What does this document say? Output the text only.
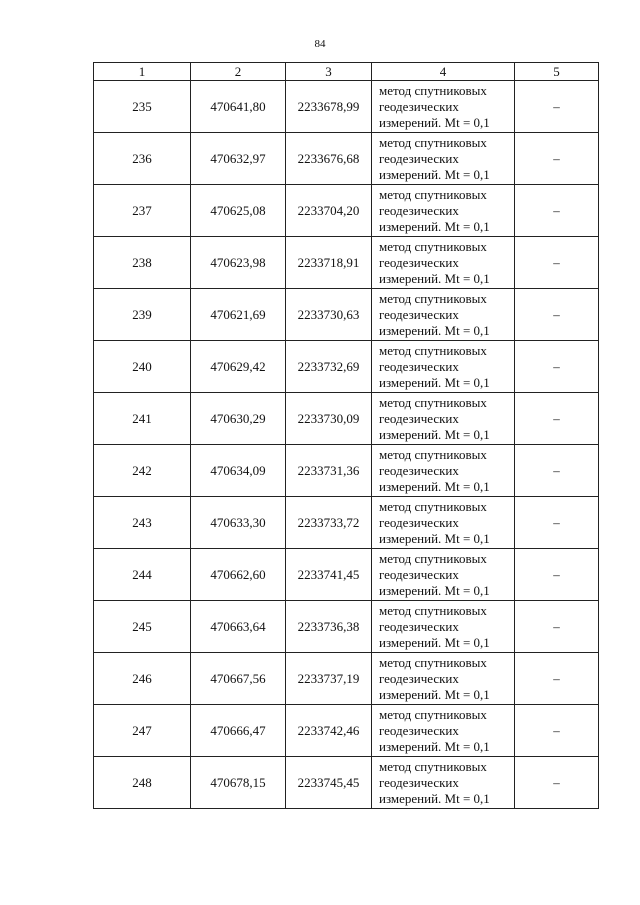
84
1	2	3	4	5
235	470641,80	2233678,99	метод спутниковых
геодезических
измерений. Mt = 0,1	–
236	470632,97	2233676,68	метод спутниковых
геодезических
измерений. Mt = 0,1	–
237	470625,08	2233704,20	метод спутниковых
геодезических
измерений. Mt = 0,1	–
238	470623,98	2233718,91	метод спутниковых
геодезических
измерений. Mt = 0,1	–
239	470621,69	2233730,63	метод спутниковых
геодезических
измерений. Mt = 0,1	–
240	470629,42	2233732,69	метод спутниковых
геодезических
измерений. Mt = 0,1	–
241	470630,29	2233730,09	метод спутниковых
геодезических
измерений. Mt = 0,1	–
242	470634,09	2233731,36	метод спутниковых
геодезических
измерений. Mt = 0,1	–
243	470633,30	2233733,72	метод спутниковых
геодезических
измерений. Mt = 0,1	–
244	470662,60	2233741,45	метод спутниковых
геодезических
измерений. Mt = 0,1	–
245	470663,64	2233736,38	метод спутниковых
геодезических
измерений. Mt = 0,1	–
246	470667,56	2233737,19	метод спутниковых
геодезических
измерений. Mt = 0,1	–
247	470666,47	2233742,46	метод спутниковых
геодезических
измерений. Mt = 0,1	–
248	470678,15	2233745,45	метод спутниковых
геодезических
измерений. Mt = 0,1	–
